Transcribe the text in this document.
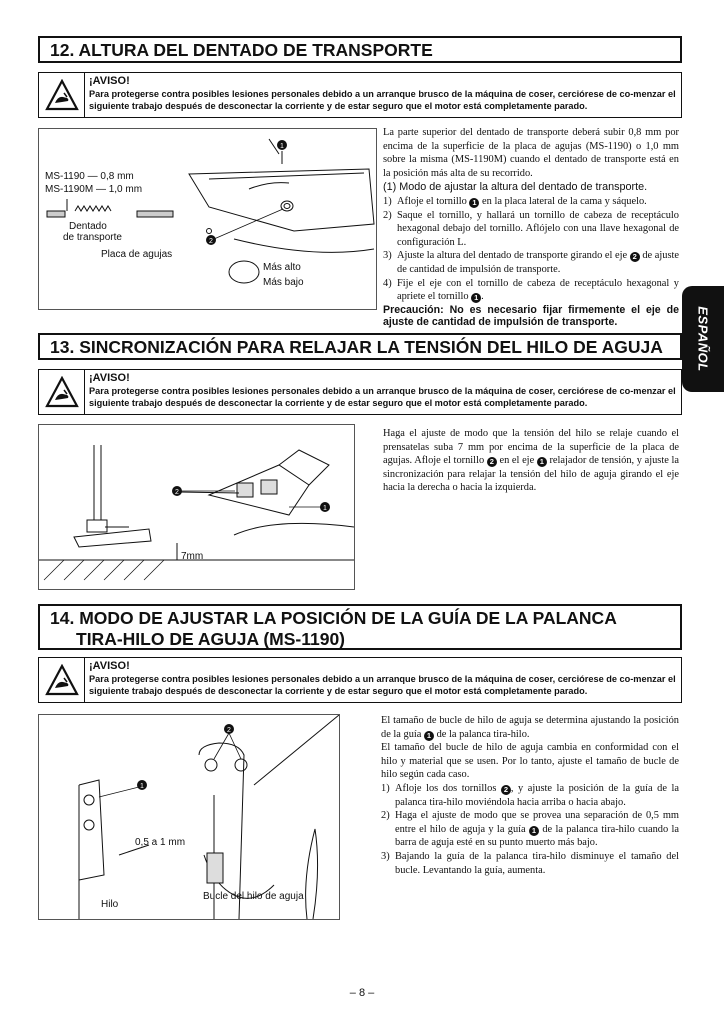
12. ALTURA DEL DENTADO DE TRANSPORTE
¡AVISO!
Para protegerse contra posibles lesiones personales debido a un arranque brusco de la máquina de coser, cerciórese de co-menzar el siguiente trabajo después de desconectar la corriente y de estar seguro que el motor está completamente parado.
1
2
MS-1190 — 0,8 mm
MS-1190M — 1,0 mm
Dentado
de transporte
Placa de agujas
Más alto
Más bajo
La parte superior del dentado de transporte deberá subir 0,8 mm por encima de la superficie de la placa de agujas (MS-1190) o 1,0 mm sobre la misma (MS-1190M) cuando el dentado de transporte está en la posición más alta de su recorrido.
(1) Modo de ajustar la altura del dentado de transporte.
1) Afloje el tornillo 1 en la placa lateral de la cama y sáquelo.
2) Saque el tornillo, y hallará un tornillo de cabeza de receptáculo hexagonal debajo del tornillo. Aflójelo con una llave hexagonal de configuración L.
3) Ajuste la altura del dentado de transporte girando el eje 2 de ajuste de cantidad de impulsión de transporte.
4) Fije el eje con el tornillo de cabeza de receptáculo hexagonal y apriete el tornillo 1 .
Precaución: No es necesario fijar firmemente el eje de ajuste de cantidad de impulsión de transporte.	ESPAÑOL
13. SINCRONIZACIÓN PARA RELAJAR LA TENSIÓN DEL HILO DE AGUJA
¡AVISO!
Para protegerse contra posibles lesiones personales debido a un arranque brusco de la máquina de coser, cerciórese de co-menzar el siguiente trabajo después de desconectar la corriente y de estar seguro que el motor está completamente parado.
7mm
2
1
Haga el ajuste de modo que la tensión del hilo se relaje cuando el prensatelas suba 7 mm por encima de la superficie de la placa de agujas. Afloje el tornillo 2 en el eje 1 relajador de tensión, y ajuste la sincronización para relajar la tensión del hilo de aguja girando el eje hacia la derecha o hacia la izquierda.
14. MODO DE AJUSTAR LA POSICIÓN DE LA GUÍA DE LA PALANCA
TIRA-HILO DE AGUJA (MS-1190)
¡AVISO!
Para protegerse contra posibles lesiones personales debido a un arranque brusco de la máquina de coser, cerciórese de co-menzar el siguiente trabajo después de desconectar la corriente y de estar seguro que el motor está completamente parado.
1
2
0,5 a 1 mm
Hilo
Bucle del hilo de aguja
El tamaño de bucle de hilo de aguja se determina ajustando la posición de la guía 1 de la palanca tira-hilo.
El tamaño del bucle de hilo de aguja cambia en conformidad con el hilo y material que se usen. Por lo tanto, ajuste el tamaño de bucle de hilo según cada caso.
1) Afloje los dos tornillos 2 , y ajuste la posición de la guía de la palanca tira-hilo moviéndola hacia arriba o hacia abajo.
2) Haga el ajuste de modo que se provea una separación de 0,5 mm entre el hilo de aguja y la guía 1 de la palanca tira-hilo cuando la barra de aguja esté en su punto muerto más bajo.
3) Bajando la guía de la palanca tira-hilo disminuye el tamaño del bucle. Levantando la guía, aumenta.
– 8 –
